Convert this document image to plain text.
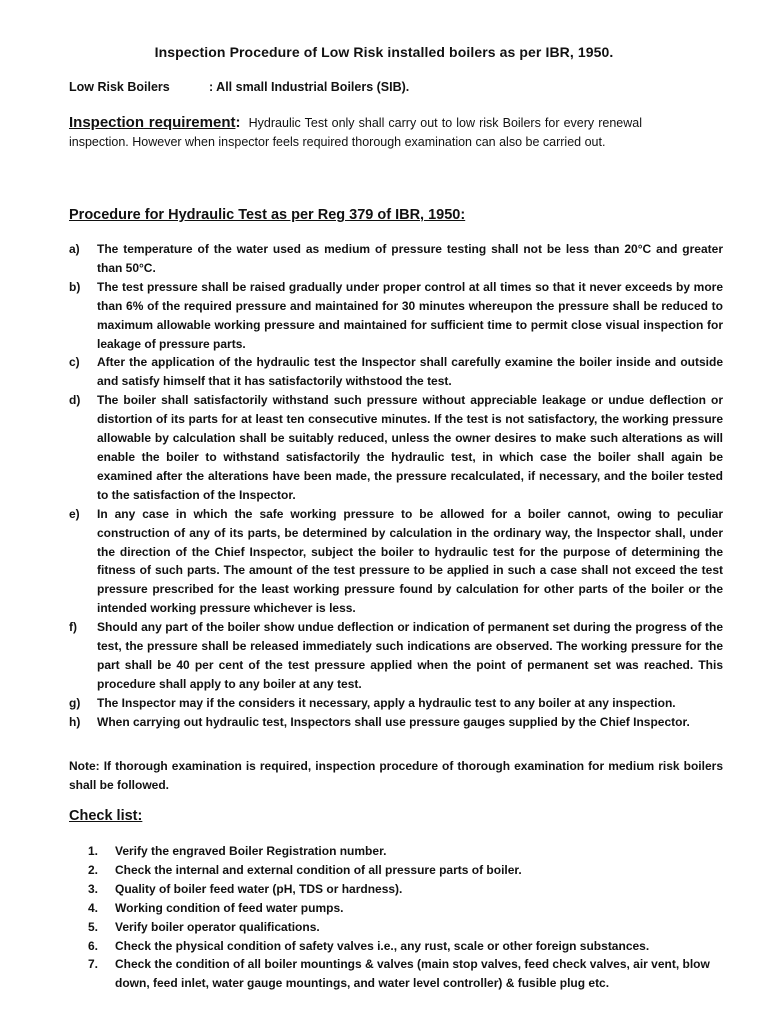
Inspection Procedure of Low Risk installed boilers as per IBR, 1950.
Low Risk Boilers	: All small Industrial Boilers (SIB).
Inspection requirement: Hydraulic Test only shall carry out to low risk Boilers for every renewal inspection. However when inspector feels required thorough examination can also be carried out.
Procedure for Hydraulic Test as per Reg 379 of IBR, 1950:
a)	The temperature of the water used as medium of pressure testing shall not be less than 20°C and greater than 50°C.
b)	The test pressure shall be raised gradually under proper control at all times so that it never exceeds by more than 6% of the required pressure and maintained for 30 minutes whereupon the pressure shall be reduced to maximum allowable working pressure and maintained for sufficient time to permit close visual inspection for leakage of pressure parts.
c)	After the application of the hydraulic test the Inspector shall carefully examine the boiler inside and outside and satisfy himself that it has satisfactorily withstood the test.
d)	The boiler shall satisfactorily withstand such pressure without appreciable leakage or undue deflection or distortion of its parts for at least ten consecutive minutes. If the test is not satisfactory, the working pressure allowable by calculation shall be suitably reduced, unless the owner desires to make such alterations as will enable the boiler to withstand satisfactorily the hydraulic test, in which case the boiler shall again be examined after the alterations have been made, the pressure recalculated, if necessary, and the boiler tested to the satisfaction of the Inspector.
e)	In any case in which the safe working pressure to be allowed for a boiler cannot, owing to peculiar construction of any of its parts, be determined by calculation in the ordinary way, the Inspector shall, under the direction of the Chief Inspector, subject the boiler to hydraulic test for the purpose of determining the fitness of such parts. The amount of the test pressure to be applied in such a case shall not exceed the test pressure prescribed for the least working pressure found by calculation for other parts of the boiler or the intended working pressure whichever is less.
f)	Should any part of the boiler show undue deflection or indication of permanent set during the progress of the test, the pressure shall be released immediately such indications are observed. The working pressure for the part shall be 40 per cent of the test pressure applied when the point of permanent set was reached. This procedure shall apply to any boiler at any test.
g)	The Inspector may if the considers it necessary, apply a hydraulic test to any boiler at any inspection.
h)	When carrying out hydraulic test, Inspectors shall use pressure gauges supplied by the Chief Inspector.
Note: If thorough examination is required, inspection procedure of thorough examination for medium risk boilers shall be followed.
Check list:
1.	Verify the engraved Boiler Registration number.
2.	Check the internal and external condition of all pressure parts of boiler.
3.	Quality of boiler feed water (pH, TDS or hardness).
4.	Working condition of feed water pumps.
5.	Verify boiler operator qualifications.
6.	Check the physical condition of safety valves i.e., any rust, scale or other foreign substances.
7.	Check the condition of all boiler mountings & valves (main stop valves, feed check valves, air vent, blow down, feed inlet, water gauge mountings, and water level controller) & fusible plug etc.
